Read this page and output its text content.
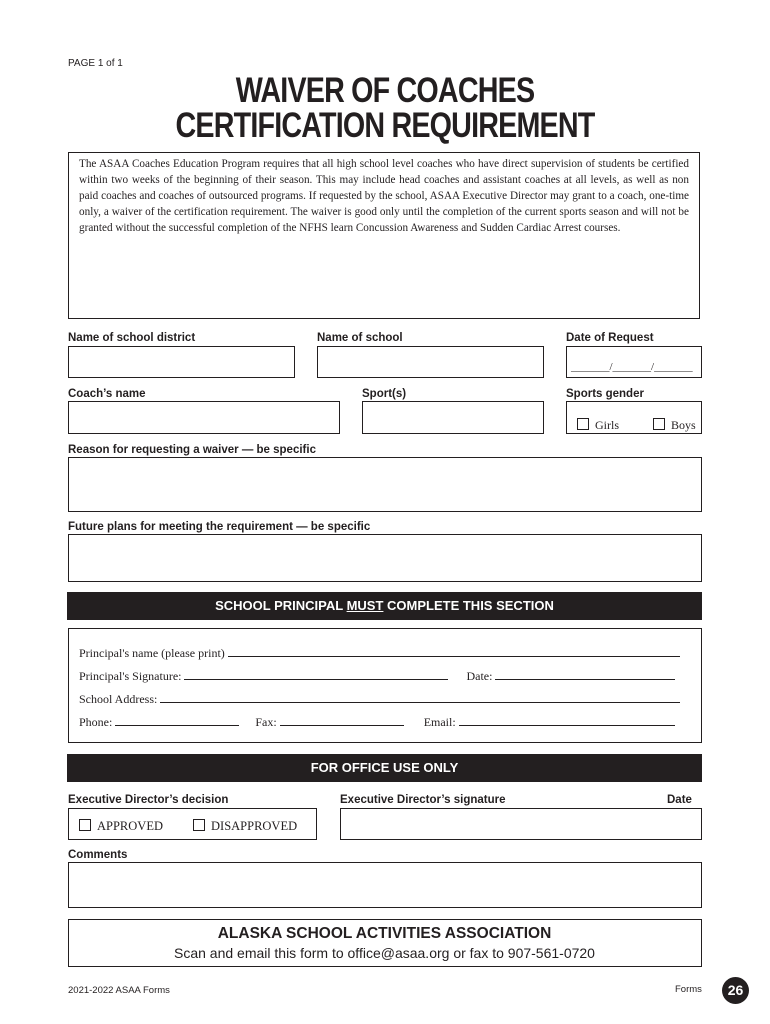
PAGE 1 of 1
WAIVER OF COACHES
CERTIFICATION REQUIREMENT

The ASAA Coaches Education Program requires that all high school level coaches who have direct supervision of students be certified within two weeks of the beginning of their season. This may include head coaches and assistant coaches at all levels, as well as non paid coaches and coaches of outsourced programs. If requested by the school, ASAA Executive Director may grant to a coach, one-time only, a waiver of the certification requirement. The waiver is good only until the completion of the current sports season and will not be granted without the successful completion of the NFHS learn Concussion Awareness and Sudden Cardiac Arrest courses.

Name of school district	Name of school	Date of Request
_______/_______/_______
Coach’s name	Sport(s)	Sports gender
Girls	Boys
Reason for requesting a waiver — be specific
Future plans for meeting the requirement — be specific
SCHOOL PRINCIPAL MUST COMPLETE THIS SECTION
Principal's name (please print)
Principal's Signature:	Date:
School Address:
Phone:	Fax:	Email:
FOR OFFICE USE ONLY
Executive Director’s decision
APPROVED	DISAPPROVED
Executive Director’s signature	Date
Comments
ALASKA SCHOOL ACTIVITIES ASSOCIATION
Scan and email this form to office@asaa.org or fax to 907-561-0720
2021-2022 ASAA Forms	Forms	26
